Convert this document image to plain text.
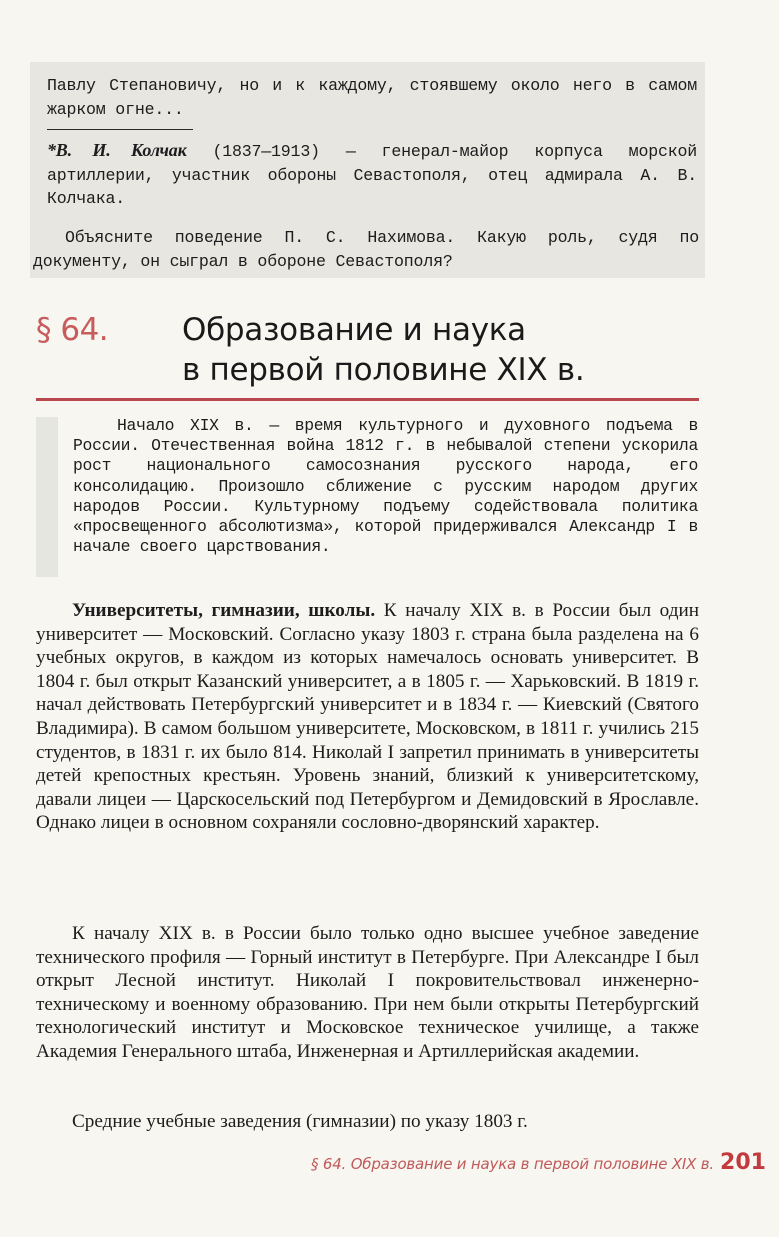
Павлу Степановичу, но и к каждому, стоявшему около него в самом жарком огне...
*В. И. Колчак (1837—1913) — генерал-майор корпуса морской артиллерии, участник обороны Севастополя, отец адмирала А. В. Колчака.
Объясните поведение П. С. Нахимова. Какую роль, судя по документу, он сыграл в обороне Севастополя?
§ 64. Образование и наука
в первой половине XIX в.
Начало XIX в. — время культурного и духовного подъема в России. Отечественная война 1812 г. в небывалой степени ускорила рост национального самосознания русского народа, его консолидацию. Произошло сближение с русским народом других народов России. Культурному подъему содействовала политика «просвещенного абсолютизма», которой придерживался Александр I в начале своего царствования.
Университеты, гимназии, школы. К началу XIX в. в России был один университет — Московский. Согласно указу 1803 г. страна была разделена на 6 учебных округов, в каждом из которых намечалось основать университет. В 1804 г. был открыт Казанский университет, а в 1805 г. — Харьковский. В 1819 г. начал действовать Петербургский университет и в 1834 г. — Киевский (Святого Владимира). В самом большом университете, Московском, в 1811 г. учились 215 студентов, в 1831 г. их было 814. Николай I запретил принимать в университеты детей крепостных крестьян. Уровень знаний, близкий к университетскому, давали лицеи — Царскосельский под Петербургом и Демидовский в Ярославле. Однако лицеи в основном сохраняли сословно-дворянский характер.
К началу XIX в. в России было только одно высшее учебное заведение технического профиля — Горный институт в Петербурге. При Александре I был открыт Лесной институт. Николай I покровительствовал инженерно-техническому и военному образованию. При нем были открыты Петербургский технологический институт и Московское техническое училище, а также Академия Генерального штаба, Инженерная и Артиллерийская академии.
Средние учебные заведения (гимназии) по указу 1803 г.
§ 64. Образование и наука в первой половине XIX в. 201
